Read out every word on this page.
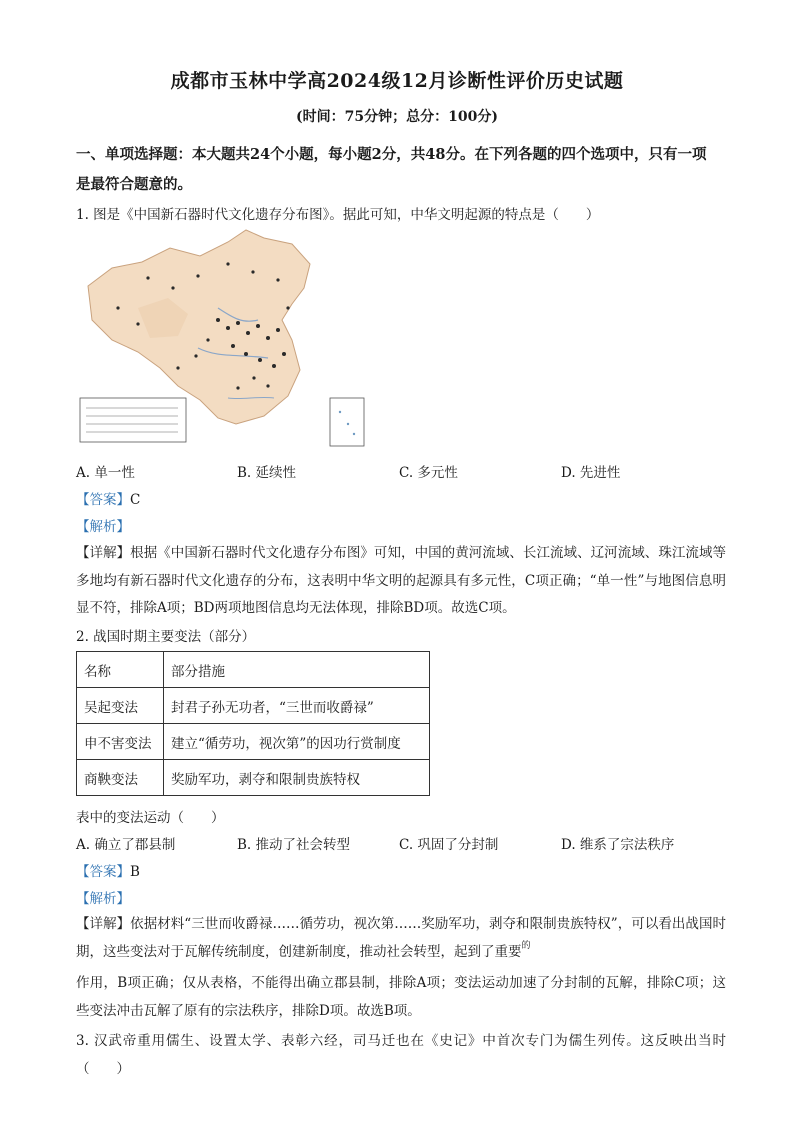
成都市玉林中学高2024级12月诊断性评价历史试题
(时间：75分钟；总分：100分)
一、单项选择题：本大题共24个小题，每小题2分，共48分。在下列各题的四个选项中，只有一项是最符合题意的。
1. 图是《中国新石器时代文化遗存分布图》。据此可知，中华文明起源的特点是（　　）
A. 单一性	B. 延续性	C. 多元性	D. 先进性
【答案】C
【解析】
【详解】根据《中国新石器时代文化遗存分布图》可知，中国的黄河流域、长江流域、辽河流域、珠江流域等多地均有新石器时代文化遗存的分布，这表明中华文明的起源具有多元性，C项正确；“单一性”与地图信息明显不符，排除A项；BD两项地图信息均无法体现，排除BD项。故选C项。
2. 战国时期主要变法（部分）
名称	部分措施
吴起变法	封君子孙无功者，“三世而收爵禄”
申不害变法	建立“循劳功，视次第”的因功行赏制度
商鞅变法	奖励军功，剥夺和限制贵族特权
表中的变法运动（　　）
A. 确立了郡县制	B. 推动了社会转型	C. 巩固了分封制	D. 维系了宗法秩序
【答案】B
【解析】
【详解】依据材料“三世而收爵禄……循劳功，视次第……奖励军功，剥夺和限制贵族特权”，可以看出战国时期，这些变法对于瓦解传统制度，创建新制度，推动社会转型，起到了重要$^的$
作用，B项正确；仅从表格，不能得出确立郡县制，排除A项；变法运动加速了分封制的瓦解，排除C项；这些变法冲击瓦解了原有的宗法秩序，排除D项。故选B项。
3. 汉武帝重用儒生、设置太学、表彰六经，司马迁也在《史记》中首次专门为儒生列传。这反映出当时（　　）
